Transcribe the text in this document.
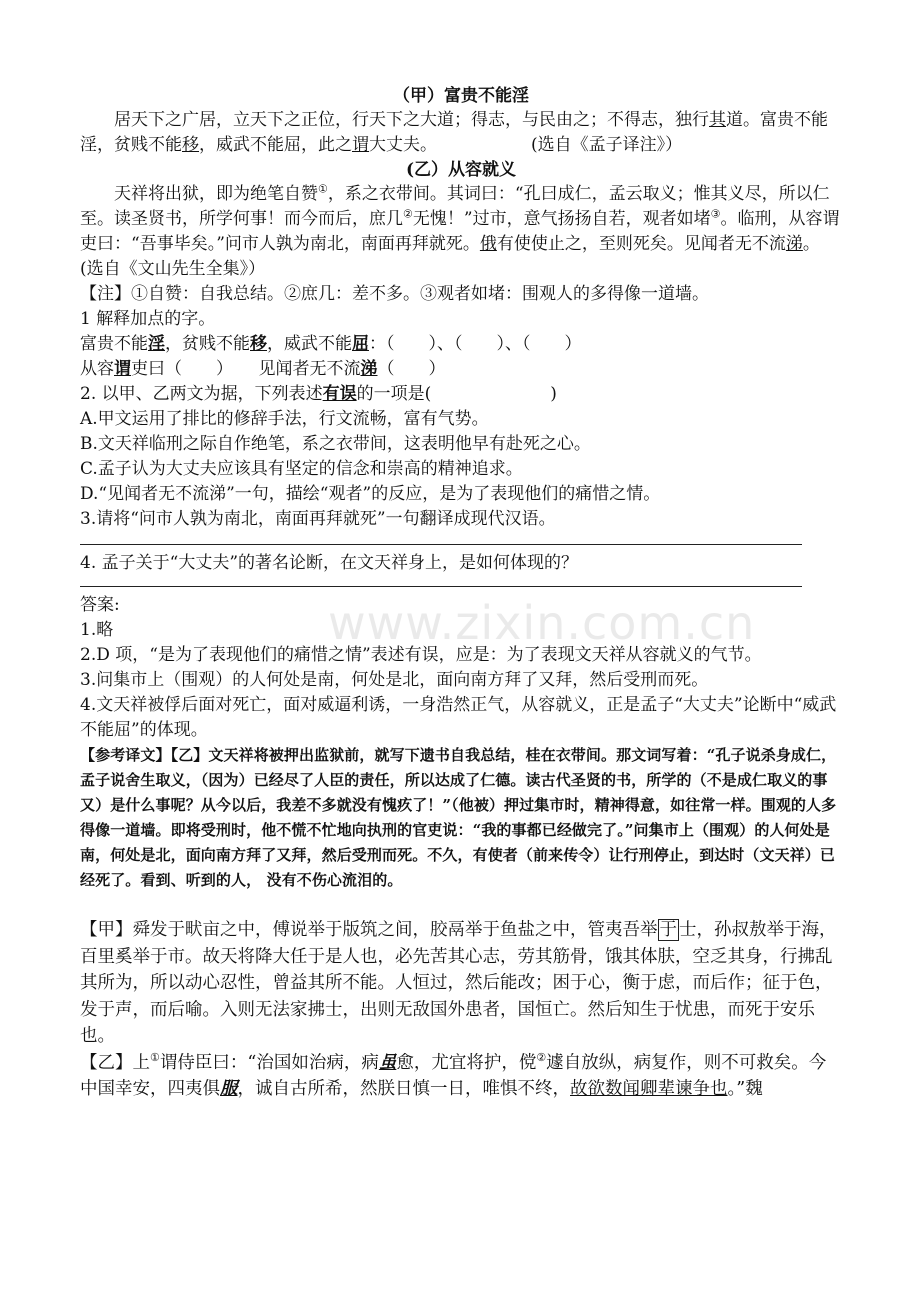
www.zixin.com.cn

（甲）富贵不能淫

居天下之广居，立天下之正位，行天下之大道；得志，与民由之；不得志，独行其道。富贵不能淫，贫贱不能移，威武不能屈，此之谓大丈夫。	(选自《孟子译注》）

(乙）从容就义

天祥将出狱，即为绝笔自赞①，系之衣带间。其词曰：“孔曰成仁，孟云取义；惟其义尽，所以仁至。读圣贤书，所学何事！而今而后，庶几②无愧！”过市，意气扬扬自若，观者如堵③。临刑，从容谓吏曰：“吾事毕矣。”问市人孰为南北，南面再拜就死。俄有使使止之，至则死矣。见闻者无不流涕。(选自《文山先生全集》）

【注】①自赞：自我总结。②庶几：差不多。③观者如堵：围观人的多得像一道墙。

1 解释加点的字。

富贵不能淫，贫贱不能移，威武不能屈：（　　）、（　　）、（　　）

从容谓吏曰（　　）　　见闻者无不流涕（　　）

2. 以甲、乙两文为据，下列表述有误的一项是(　　　　　　　)

A.甲文运用了排比的修辞手法，行文流畅，富有气势。

B.文天祥临刑之际自作绝笔，系之衣带间，这表明他早有赴死之心。

C.孟子认为大丈夫应该具有坚定的信念和崇高的精神追求。

D.“见闻者无不流涕”一句，描绘“观者”的反应，是为了表现他们的痛惜之情。

3.请将“问市人孰为南北，南面再拜就死”一句翻译成现代汉语。

4. 孟子关于“大丈夫”的著名论断，在文天祥身上，是如何体现的？

答案:

1.略

2.D 项，“是为了表现他们的痛惜之情”表述有误，应是：为了表现文天祥从容就义的气节。

3.问集市上（围观）的人何处是南，何处是北，面向南方拜了又拜，然后受刑而死。

4.文天祥被俘后面对死亡，面对威逼利诱，一身浩然正气，从容就义，正是孟子“大丈夫”论断中“威武不能屈”的体现。

【参考译文】【乙】文天祥将被押出监狱前，就写下遗书自我总结，桂在衣带间。那文词写着：“孔子说杀身成仁，孟子说舍生取义，（因为）已经尽了人臣的责任，所以达成了仁德。读古代圣贤的书，所学的（不是成仁取义的事又）是什么事呢？从今以后，我差不多就没有愧疚了！”（他被）押过集市时，精神得意，如往常一样。围观的人多得像一道墙。即将受刑时，他不慌不忙地向执刑的官吏说：“我的事都已经做完了。”问集市上（围观）的人何处是南，何处是北，面向南方拜了又拜，然后受刑而死。不久，有使者（前来传令）让行刑停止，到达时（文天祥）已经死了。看到、听到的人， 没有不伤心流泪的。

【甲】舜发于畎亩之中，傅说举于版筑之间，胶鬲举于鱼盐之中，管夷吾举 于 士，孙叔敖举于海，百里奚举于市。故天将降大任于是人也，必先苦其心志，劳其筋骨，饿其体肤，空乏其身，行拂乱其所为，所以动心忍性，曾益其所不能。人恒过，然后能改；困于心，衡于虑，而后作；征于色，发于声，而后喻。入则无法家拂士，出则无敌国外患者，国恒亡。然后知生于忧患，而死于安乐也。

【乙】上①谓侍臣曰：“治国如治病，病虽愈，尤宜将护，傥②遽自放纵，病复作，则不可救矣。今中国幸安，四夷俱服，诚自古所希，然朕日慎一日，唯惧不终，故欲数闻卿辈谏争也。”魏
